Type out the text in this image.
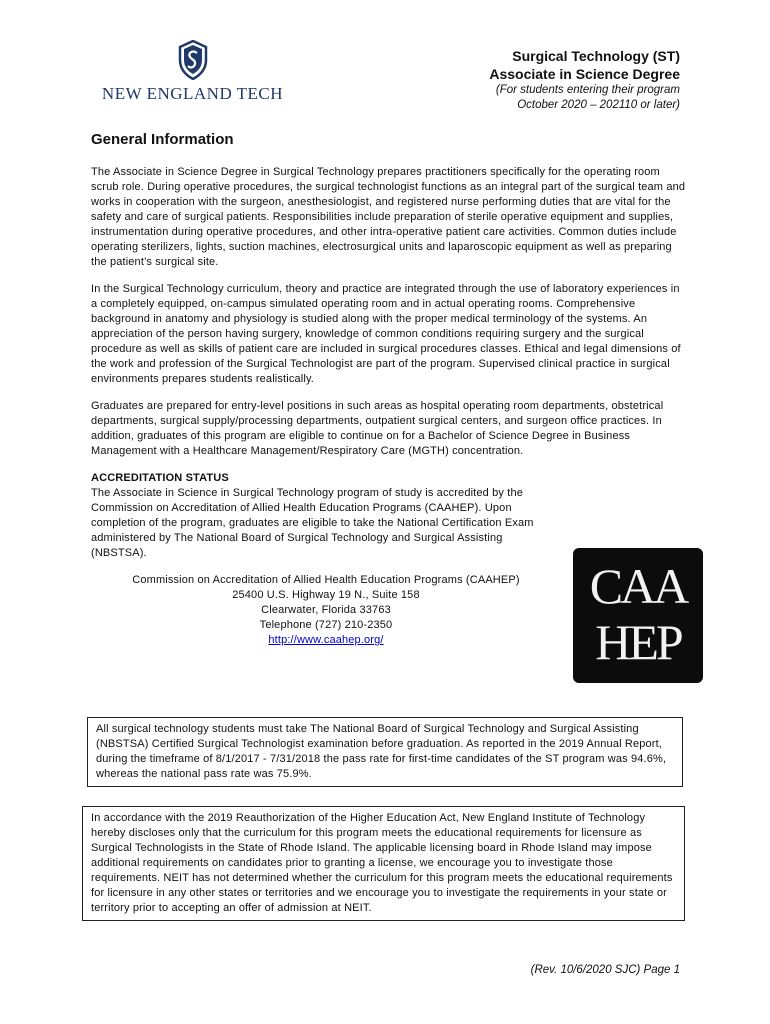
NEW ENGLAND TECH
Surgical Technology (ST)
Associate in Science Degree
(For students entering their program
October 2020 – 202110 or later)
General Information

The Associate in Science Degree in Surgical Technology prepares practitioners specifically for the operating room scrub role. During operative procedures, the surgical technologist functions as an integral part of the surgical team and works in cooperation with the surgeon, anesthesiologist, and registered nurse performing duties that are vital for the safety and care of surgical patients. Responsibilities include preparation of sterile operative equipment and supplies, instrumentation during operative procedures, and other intra-operative patient care activities. Common duties include operating sterilizers, lights, suction machines, electrosurgical units and laparoscopic equipment as well as preparing the patient’s surgical site.

In the Surgical Technology curriculum, theory and practice are integrated through the use of laboratory experiences in a completely equipped, on-campus simulated operating room and in actual operating rooms. Comprehensive background in anatomy and physiology is studied along with the proper medical terminology of the systems. An appreciation of the person having surgery, knowledge of common conditions requiring surgery and the surgical procedure as well as skills of patient care are included in surgical procedures classes. Ethical and legal dimensions of the work and profession of the Surgical Technologist are part of the program. Supervised clinical practice in surgical environments prepares students realistically.

Graduates are prepared for entry-level positions in such areas as hospital operating room departments, obstetrical departments, surgical supply/processing departments, outpatient surgical centers, and surgeon office practices. In addition, graduates of this program are eligible to continue on for a Bachelor of Science Degree in Business Management with a Healthcare Management/Respiratory Care (MGTH) concentration.

ACCREDITATION STATUS

The Associate in Science in Surgical Technology program of study is accredited by the Commission on Accreditation of Allied Health Education Programs (CAAHEP). Upon completion of the program, graduates are eligible to take the National Certification Exam administered by The National Board of Surgical Technology and Surgical Assisting (NBSTSA).

Commission on Accreditation of Allied Health Education Programs (CAAHEP)
25400 U.S. Highway 19 N., Suite 158
Clearwater, Florida 33763
Telephone (727) 210-2350
http://www.caahep.org/
CAA
HEP
All surgical technology students must take The National Board of Surgical Technology and Surgical Assisting (NBSTSA) Certified Surgical Technologist examination before graduation. As reported in the 2019 Annual Report, during the timeframe of 8/1/2017 - 7/31/2018 the pass rate for first-time candidates of the ST program was 94.6%, whereas the national pass rate was 75.9%.
In accordance with the 2019 Reauthorization of the Higher Education Act, New England Institute of Technology hereby discloses only that the curriculum for this program meets the educational requirements for licensure as Surgical Technologists in the State of Rhode Island. The applicable licensing board in Rhode Island may impose additional requirements on candidates prior to granting a license, we encourage you to investigate those requirements. NEIT has not determined whether the curriculum for this program meets the educational requirements for licensure in any other states or territories and we encourage you to investigate the requirements in your state or territory prior to accepting an offer of admission at NEIT.
(Rev. 10/6/2020 SJC) Page 1
